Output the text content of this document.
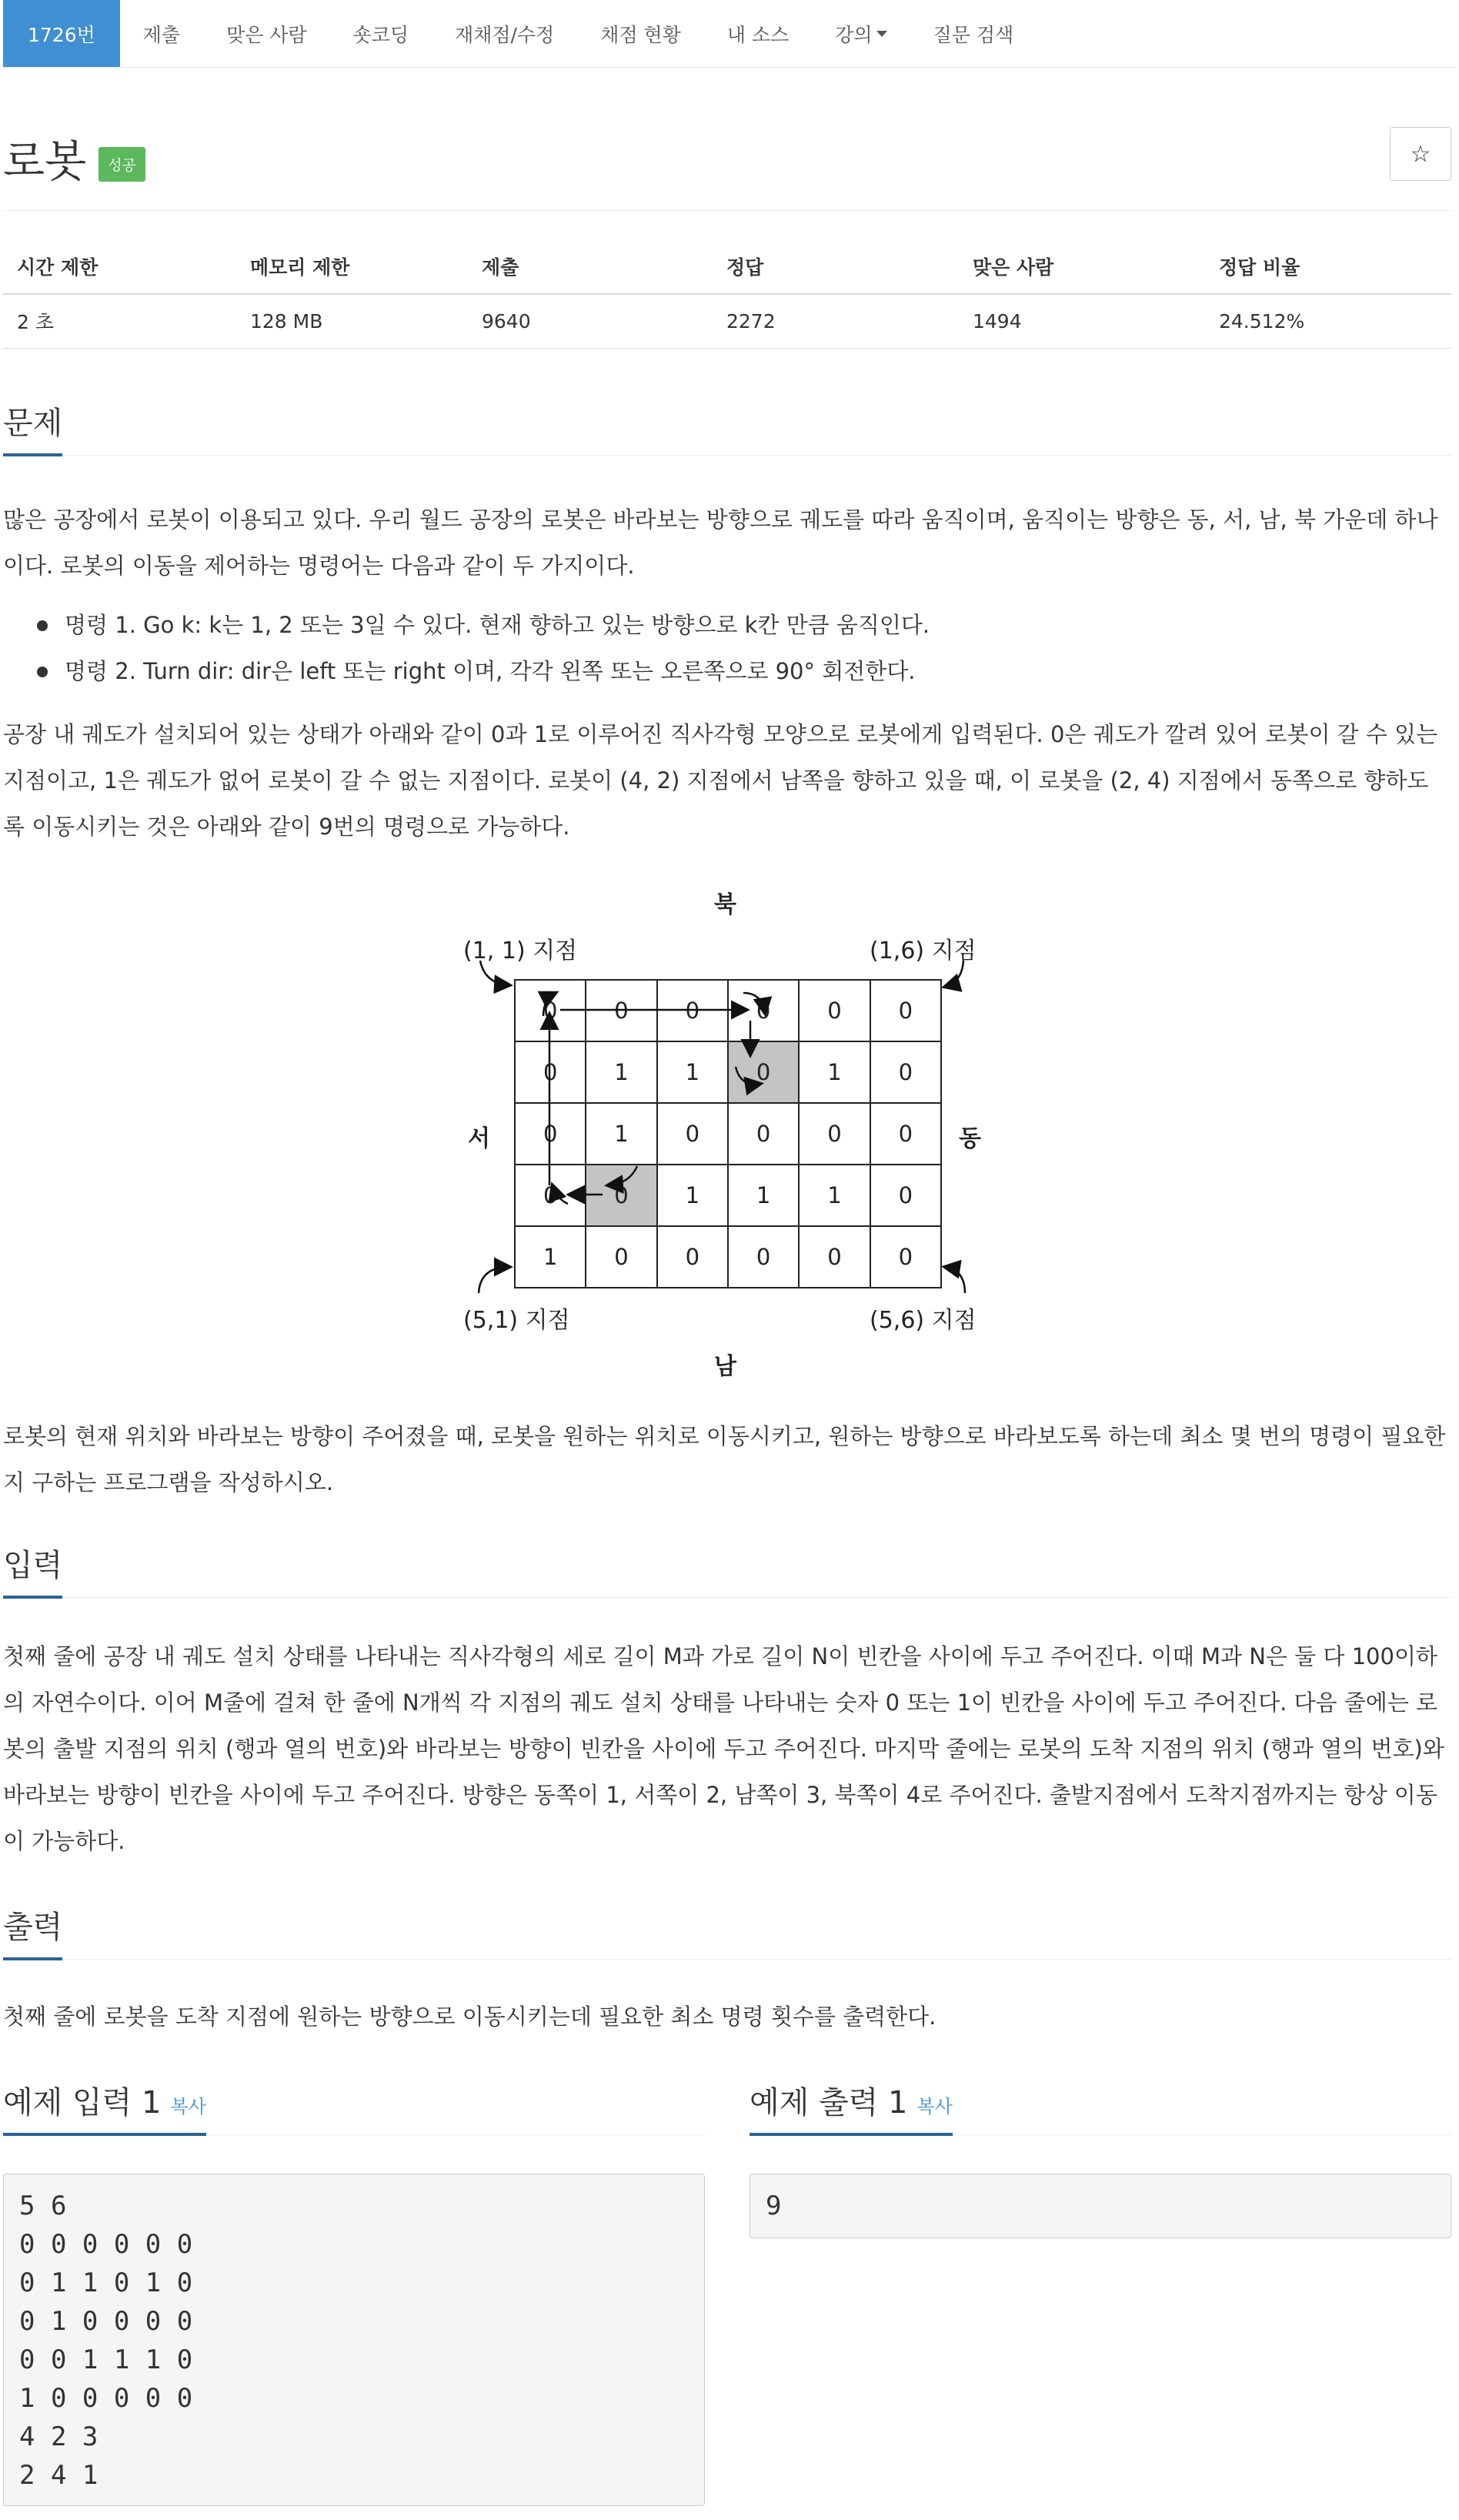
1726번	제출	맞은 사람	숏코딩	재채점/수정	채점 현황	내 소스	강의	질문 검색
로봇	성공	☆
시간 제한	메모리 제한	제출	정답	맞은 사람	정답 비율
2 초	128 MB	9640	2272	1494	24.512%
문제

많은 공장에서 로봇이 이용되고 있다. 우리 월드 공장의 로봇은 바라보는 방향으로 궤도를 따라 움직이며, 움직이는 방향은 동, 서, 남, 북 가운데 하나이다. 로봇의 이동을 제어하는 명령어는 다음과 같이 두 가지이다.

명령 1. Go k: k는 1, 2 또는 3일 수 있다. 현재 향하고 있는 방향으로 k칸 만큼 움직인다.
명령 2. Turn dir: dir은 left 또는 right 이며, 각각 왼쪽 또는 오른쪽으로 90° 회전한다.

공장 내 궤도가 설치되어 있는 상태가 아래와 같이 0과 1로 이루어진 직사각형 모양으로 로봇에게 입력된다. 0은 궤도가 깔려 있어 로봇이 갈 수 있는 지점이고, 1은 궤도가 없어 로봇이 갈 수 없는 지점이다. 로봇이 (4, 2) 지점에서 남쪽을 향하고 있을 때, 이 로봇을 (2, 4) 지점에서 동쪽으로 향하도록 이동시키는 것은 아래와 같이 9번의 명령으로 가능하다.

북
남
서	동
(1, 1) 지점	(1,6) 지점
(5,1) 지점	(5,6) 지점
0	0	0	0	0	0
0	1	1	0	1	0
0	1	0	0	0	0
0	0	1	1	1	0
1	0	0	0	0	0

로봇의 현재 위치와 바라보는 방향이 주어졌을 때, 로봇을 원하는 위치로 이동시키고, 원하는 방향으로 바라보도록 하는데 최소 몇 번의 명령이 필요한지 구하는 프로그램을 작성하시오.

입력

첫째 줄에 공장 내 궤도 설치 상태를 나타내는 직사각형의 세로 길이 M과 가로 길이 N이 빈칸을 사이에 두고 주어진다. 이때 M과 N은 둘 다 100이하의 자연수이다. 이어 M줄에 걸쳐 한 줄에 N개씩 각 지점의 궤도 설치 상태를 나타내는 숫자 0 또는 1이 빈칸을 사이에 두고 주어진다. 다음 줄에는 로봇의 출발 지점의 위치 (행과 열의 번호)와 바라보는 방향이 빈칸을 사이에 두고 주어진다. 마지막 줄에는 로봇의 도착 지점의 위치 (행과 열의 번호)와 바라보는 방향이 빈칸을 사이에 두고 주어진다. 방향은 동쪽이 1, 서쪽이 2, 남쪽이 3, 북쪽이 4로 주어진다. 출발지점에서 도착지점까지는 항상 이동이 가능하다.

출력

첫째 줄에 로봇을 도착 지점에 원하는 방향으로 이동시키는데 필요한 최소 명령 횟수를 출력한다.

예제 입력 1 복사
5 6
0 0 0 0 0 0
0 1 1 0 1 0
0 1 0 0 0 0
0 0 1 1 1 0
1 0 0 0 0 0
4 2 3
2 4 1
예제 출력 1 복사
9
